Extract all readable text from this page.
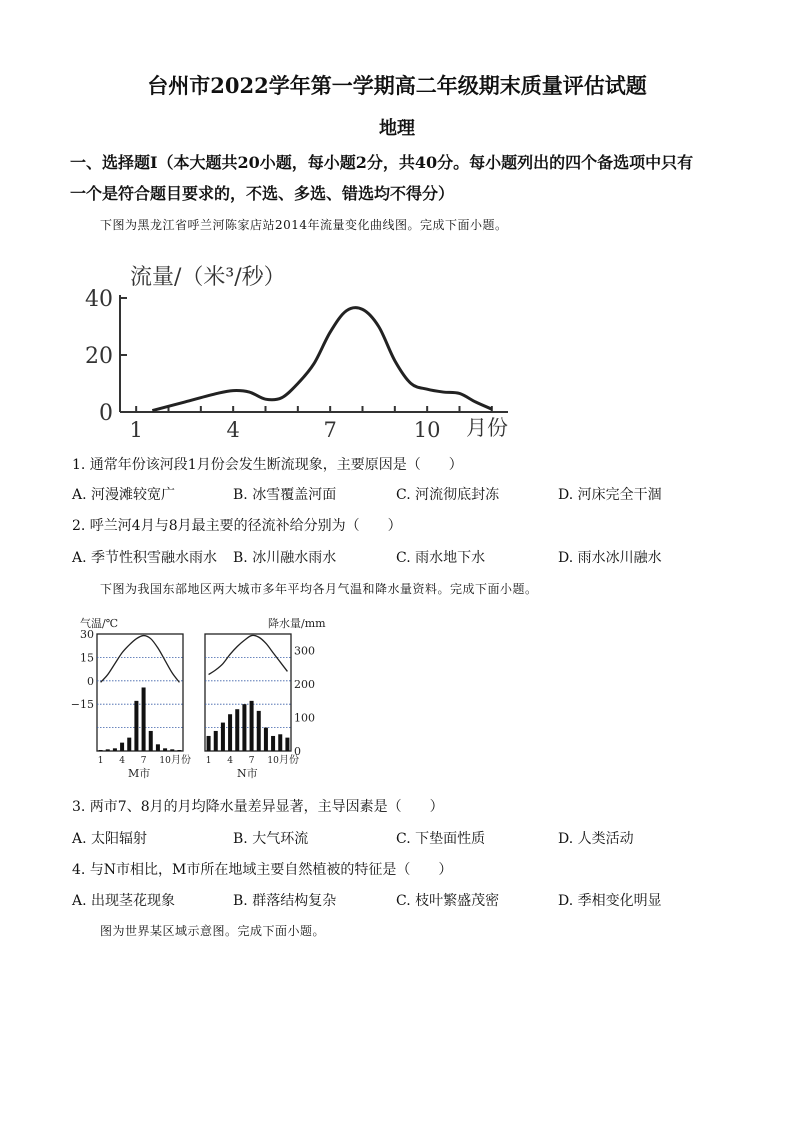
台州市2022学年第一学期高二年级期末质量评估试题
地理
一、选择题Ⅰ（本大题共20小题，每小题2分，共40分。每小题列出的四个备选项中只有
一个是符合题目要求的，不选、多选、错选均不得分）
下图为黑龙江省呼兰河陈家店站2014年流量变化曲线图。完成下面小题。
流量/（米³/秒）
0
20
40
1	4	7	10 月份
1. 通常年份该河段1月份会发生断流现象，主要原因是（　　）
A. 河漫滩较宽广	B. 冰雪覆盖河面	C. 河流彻底封冻	D. 河床完全干涸
2. 呼兰河4月与8月最主要的径流补给分别为（　　）
A. 季节性积雪融水雨水 B. 冰川融水雨水	C. 雨水地下水	D. 雨水冰川融水
下图为我国东部地区两大城市多年平均各月气温和降水量资料。完成下面小题。
气温/℃	降水量/mm
30
15
0
−15
300
200
100
0
1 4 7 10	1 4 7 10
月份	月份
M市	N市
3. 两市7、8月的月均降水量差异显著，主导因素是（　　）
A. 太阳辐射	B. 大气环流	C. 下垫面性质	D. 人类活动
4. 与N市相比，M市所在地域主要自然植被的特征是（　　）
A. 出现茎花现象	B. 群落结构复杂	C. 枝叶繁盛茂密	D. 季相变化明显
图为世界某区域示意图。完成下面小题。
